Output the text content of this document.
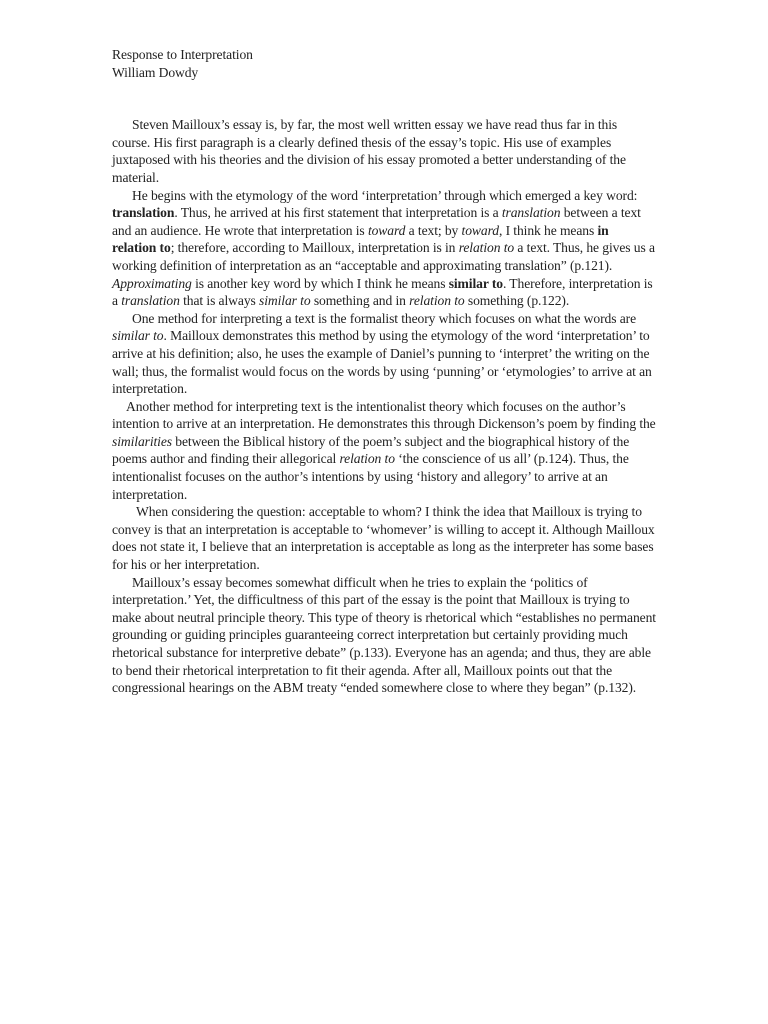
Response to Interpretation

William Dowdy

Steven Mailloux’s essay is, by far, the most well written essay we have read thus far in this course. His first paragraph is a clearly defined thesis of the essay’s topic. His use of examples juxtaposed with his theories and the division of his essay promoted a better understanding of the material.

He begins with the etymology of the word ‘interpretation’ through which emerged a key word: translation. Thus, he arrived at his first statement that interpretation is a translation between a text and an audience. He wrote that interpretation is toward a text; by toward, I think he means in relation to; therefore, according to Mailloux, interpretation is in relation to a text. Thus, he gives us a working definition of interpretation as an “acceptable and approximating translation” (p.121). Approximating is another key word by which I think he means similar to. Therefore, interpretation is a translation that is always similar to something and in relation to something (p.122).

One method for interpreting a text is the formalist theory which focuses on what the words are similar to. Mailloux demonstrates this method by using the etymology of the word ‘interpretation’ to arrive at his definition; also, he uses the example of Daniel’s punning to ‘interpret’ the writing on the wall; thus, the formalist would focus on the words by using ‘punning’ or ‘etymologies’ to arrive at an interpretation.

Another method for interpreting text is the intentionalist theory which focuses on the author’s intention to arrive at an interpretation. He demonstrates this through Dickenson’s poem by finding the similarities between the Biblical history of the poem’s subject and the biographical history of the poems author and finding their allegorical relation to ‘the conscience of us all’ (p.124). Thus, the intentionalist focuses on the author’s intentions by using ‘history and allegory’ to arrive at an interpretation.

When considering the question: acceptable to whom? I think the idea that Mailloux is trying to convey is that an interpretation is acceptable to ‘whomever’ is willing to accept it. Although Mailloux does not state it, I believe that an interpretation is acceptable as long as the interpreter has some bases for his or her interpretation.

Mailloux’s essay becomes somewhat difficult when he tries to explain the ‘politics of interpretation.’ Yet, the difficultness of this part of the essay is the point that Mailloux is trying to make about neutral principle theory. This type of theory is rhetorical which “establishes no permanent grounding or guiding principles guaranteeing correct interpretation but certainly providing much rhetorical substance for interpretive debate” (p.133). Everyone has an agenda; and thus, they are able to bend their rhetorical interpretation to fit their agenda. After all, Mailloux points out that the congressional hearings on the ABM treaty “ended somewhere close to where they began” (p.132).
